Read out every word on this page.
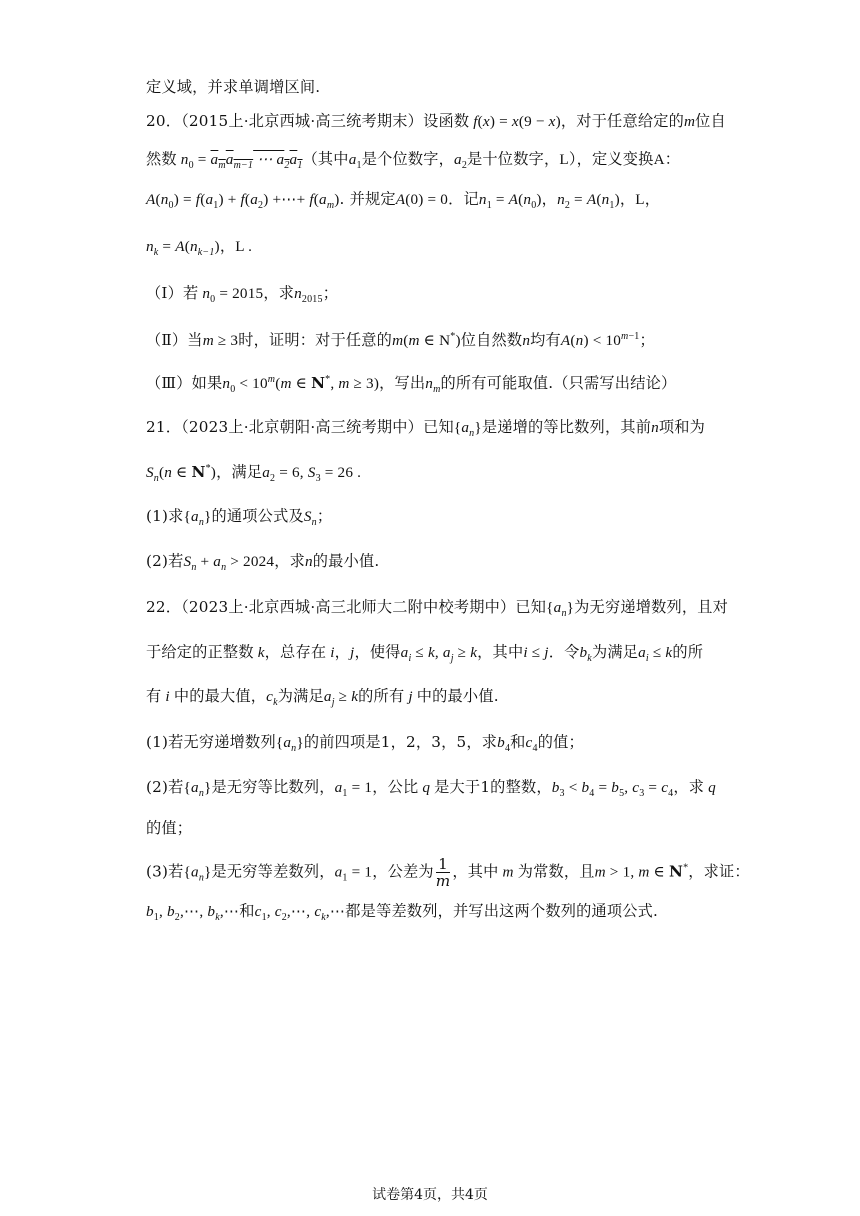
定义域，并求单调增区间.
20．（2015上·北京西城·高三统考期末）设函数 f(x) = x(9 − x)，对于任意给定的m位自
然数 $n_0 = a_ma_{m-1}$ ⋯ $a_2a_1$（其中$a_1$是个位数字，$a_2$是十位数字，L），定义变换A：
$A(n_0) = f(a_1) + f(a_2)$ +⋯+ $f(a_m)$. 并规定A(0) = 0．记$n_1 = A(n_0)$，$n_2 = A(n_1)$，L，
$n_k = A(n_{k-1})$，L .
（Ⅰ）若 $n_0 = 2015$，求$n_{2015}$；
（Ⅱ）当m ≥ 3时，证明：对于任意的m(m ∈ N*)位自然数n均有$A(n) < 10^{m-1}$；
（Ⅲ）如果$n_0 < 10^m(m$ ∈ N*, m ≥ 3)，写出$n_m$的所有可能取值.（只需写出结论）
21．（2023上·北京朝阳·高三统考期中）已知$\{a_n\}$是递增的等比数列，其前n项和为
$S_n(n$ ∈ N*)，满足$a_2 = 6$, $S_3 = 26$ .
(1)求$\{a_n\}$的通项公式及$S_n$；
(2)若$S_n + a_n > 2024$，求n的最小值.
22．（2023上·北京西城·高三北师大二附中校考期中）已知$\{a_n\}$为无穷递增数列，且对
于给定的正整数 k，总存在 i，j，使得$a_i \le k$, $a_j \ge k$，其中i ≤ j．令$b_k$为满足$a_i \le k$的所
有 i 中的最大值，$c_k$为满足$a_j \ge k$的所有 j 中的最小值.
(1)若无穷递增数列$\{a_n\}$的前四项是1，2，3，5，求$b_4$和$c_4$的值；
(2)若$\{a_n\}$是无穷等比数列，$a_1 = 1$，公比 q 是大于1的整数，$b_3 < b_4 = b_5$, $c_3 = c_4$，求 q
的值；
(3)若$\{a_n\}$是无穷等差数列，$a_1 = 1$，公差为 $\frac{1}{m}$ ，其中 m 为常数，且m > 1, m ∈ N*，求证：
$b_1$, $b_2,\cdots$, $b_k,\cdots$和$c_1$, $c_2,\cdots$, $c_k,\cdots$都是等差数列，并写出这两个数列的通项公式.
试卷第4页，共4页
